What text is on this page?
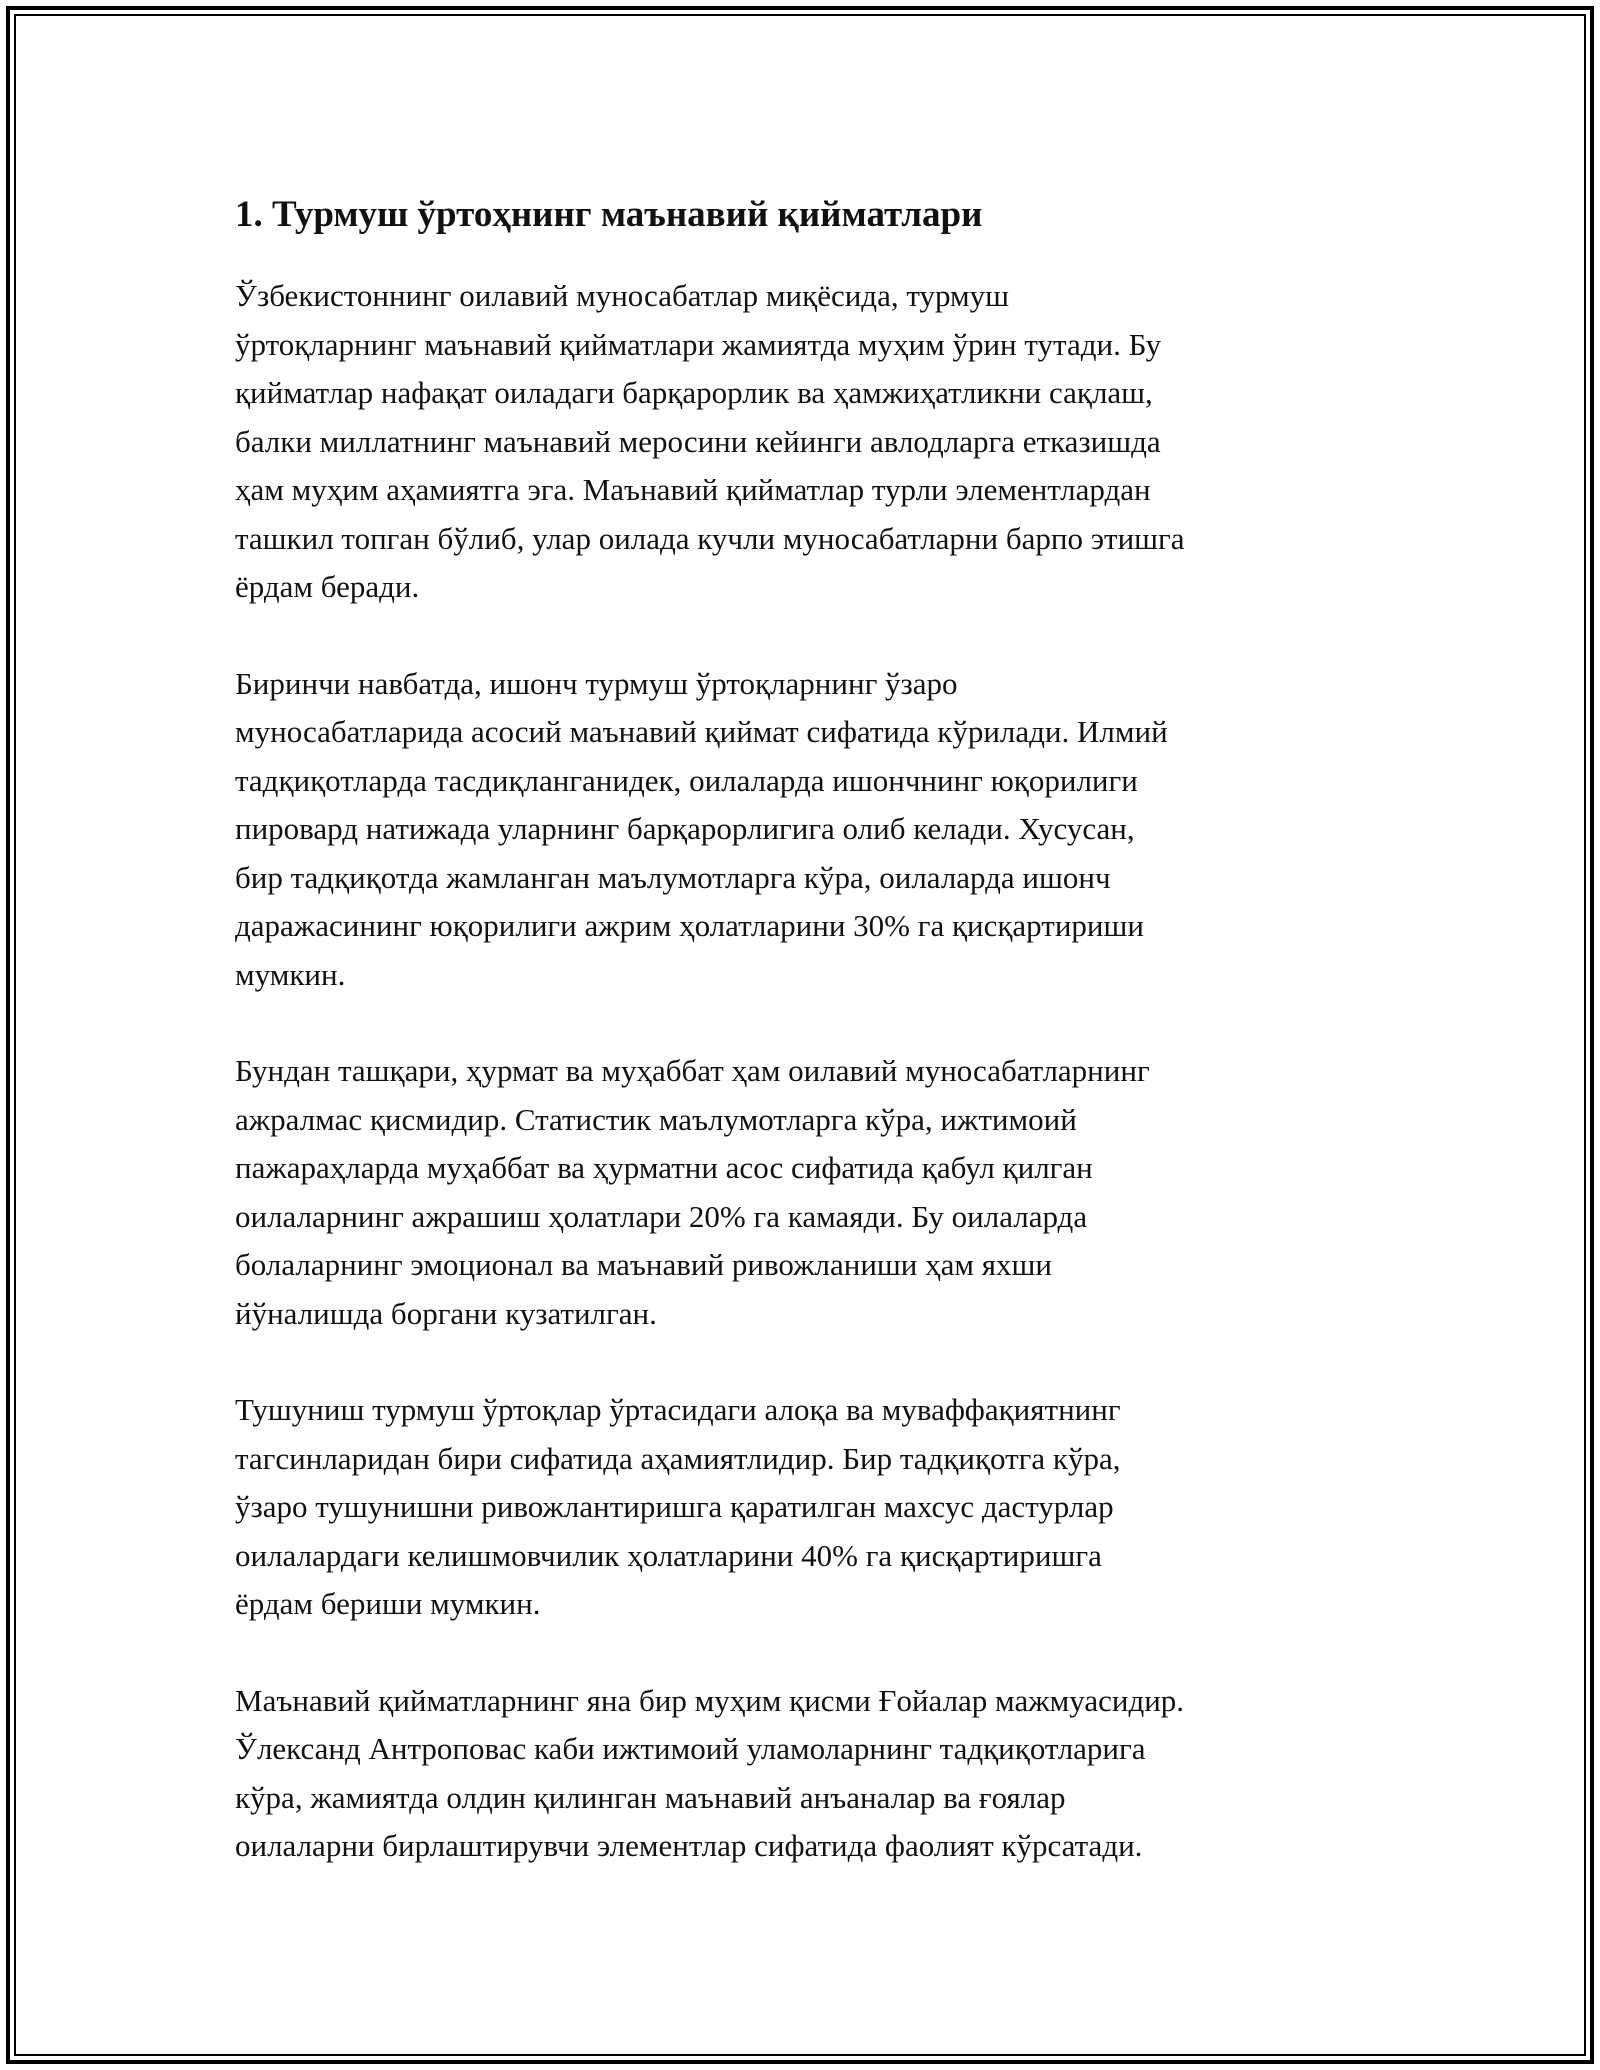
1. Турмуш ўртоҳнинг маънавий қийматлари

Ўзбекистоннинг оилавий муносабатлар миқёсида, турмуш
ўртоқларнинг маънавий қийматлари жамиятда муҳим ўрин тутади. Бу
қийматлар нафақат оиладаги барқарорлик ва ҳамжиҳатликни сақлаш,
балки миллатнинг маънавий меросини кейинги авлодларга етказишда
ҳам муҳим аҳамиятга эга. Маънавий қийматлар турли элементлардан
ташкил топган бўлиб, улар оилада кучли муносабатларни барпо этишга
ёрдам беради.

Биринчи навбатда, ишонч турмуш ўртоқларнинг ўзаро
муносабатларида асосий маънавий қиймат сифатида кўрилади. Илмий
тадқиқотларда тасдиқланганидек, оилаларда ишончнинг юқорилиги
пировард натижада уларнинг барқарорлигига олиб келади. Хусусан,
бир тадқиқотда жамланган маълумотларга кўра, оилаларда ишонч
даражасининг юқорилиги ажрим ҳолатларини 30% га қисқартириши
мумкин.

Бундан ташқари, ҳурмат ва муҳаббат ҳам оилавий муносабатларнинг
ажралмас қисмидир. Статистик маълумотларга кўра, ижтимоий
пажараҳларда муҳаббат ва ҳурматни асос сифатида қабул қилган
оилаларнинг ажрашиш ҳолатлари 20% га камаяди. Бу оилаларда
болаларнинг эмоционал ва маънавий ривожланиши ҳам яхши
йўналишда боргани кузатилган.

Тушуниш турмуш ўртоқлар ўртасидаги алоқа ва муваффақиятнинг
тагсинларидан бири сифатида аҳамиятлидир. Бир тадқиқотга кўра,
ўзаро тушунишни ривожлантиришга қаратилган махсус дастурлар
оилалардаги келишмовчилик ҳолатларини 40% га қисқартиришга
ёрдам бериши мумкин.

Маънавий қийматларнинг яна бир муҳим қисми Ғойалар мажмуасидир.
Ўлександ Антроповас каби ижтимоий уламоларнинг тадқиқотларига
кўра, жамиятда олдин қилинган маънавий анъаналар ва ғоялар
оилаларни бирлаштирувчи элементлар сифатида фаолият кўрсатади.
